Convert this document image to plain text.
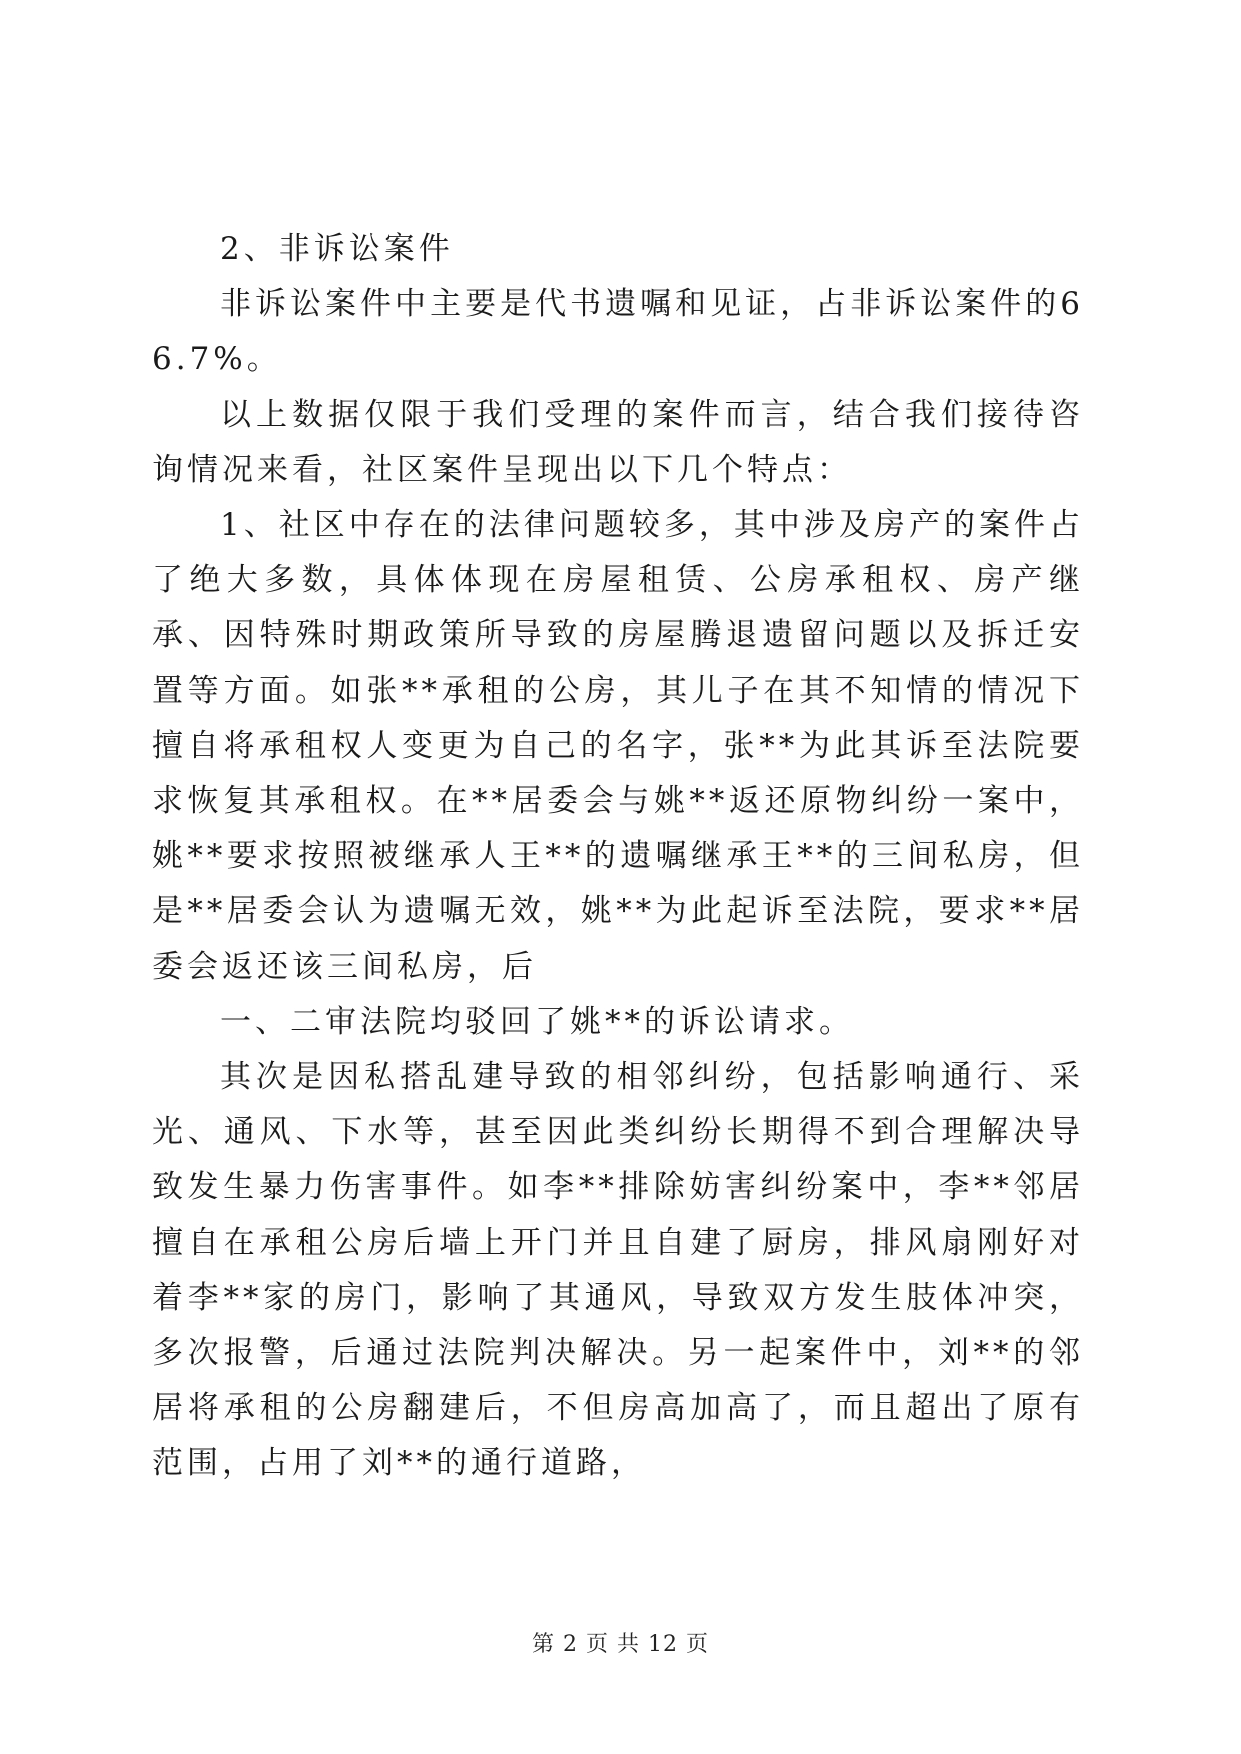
2、非诉讼案件

非诉讼案件中主要是代书遗嘱和见证，占非诉讼案件的66.7%。

以上数据仅限于我们受理的案件而言，结合我们接待咨询情况来看，社区案件呈现出以下几个特点：

1、社区中存在的法律问题较多，其中涉及房产的案件占了绝大多数，具体体现在房屋租赁、公房承租权、房产继承、因特殊时期政策所导致的房屋腾退遗留问题以及拆迁安置等方面。如张**承租的公房，其儿子在其不知情的情况下擅自将承租权人变更为自己的名字，张**为此其诉至法院要求恢复其承租权。在**居委会与姚**返还原物纠纷一案中，姚**要求按照被继承人王**的遗嘱继承王**的三间私房，但是**居委会认为遗嘱无效，姚**为此起诉至法院，要求**居委会返还该三间私房，后

一、二审法院均驳回了姚**的诉讼请求。

其次是因私搭乱建导致的相邻纠纷，包括影响通行、采光、通风、下水等，甚至因此类纠纷长期得不到合理解决导致发生暴力伤害事件。如李**排除妨害纠纷案中，李**邻居擅自在承租公房后墙上开门并且自建了厨房，排风扇刚好对着李**家的房门，影响了其通风，导致双方发生肢体冲突，多次报警，后通过法院判决解决。另一起案件中，刘**的邻居将承租的公房翻建后，不但房高加高了，而且超出了原有范围，占用了刘**的通行道路，

第 2 页 共 12 页
